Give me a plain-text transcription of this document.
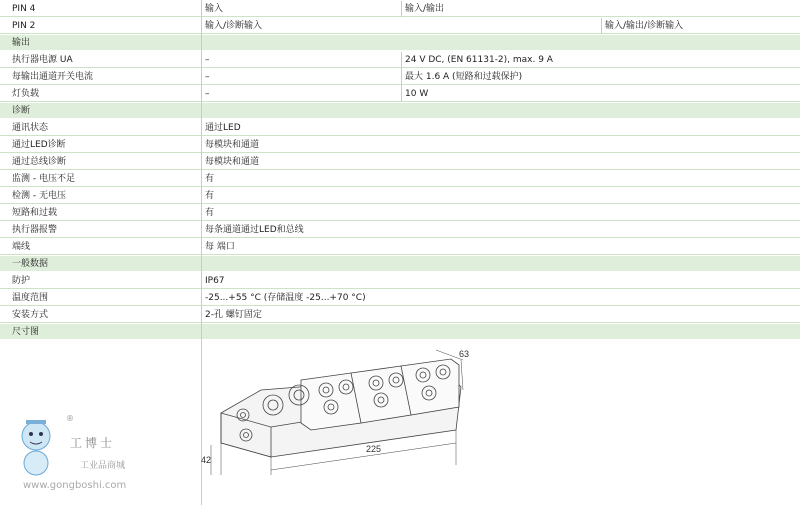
PIN 4	输入	输入/输出
PIN 2	输入/诊断输入	输入/输出/诊断输入
输出
执行器电源 UA	–	24 V DC, (EN 61131-2), max. 9 A
每输出通道开关电流	–	最大 1.6 A (短路和过载保护)
灯负载	–	10 W
诊断
通讯状态	通过LED
通过LED诊断	每模块和通道
通过总线诊断	每模块和通道
监测 - 电压不足	有
检测 - 无电压	有
短路和过载	有
执行器报警	每条通道通过LED和总线
端线	每 端口
一般数据
防护	IP67
温度范围	-25...+55 °C (存储温度 -25...+70 °C)
安装方式	2-孔 螺钉固定
尺寸图
225
42
63
工博士
®
工业品商城
www.gongboshi.com
